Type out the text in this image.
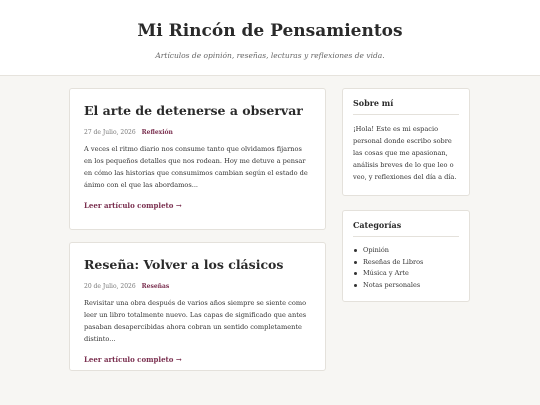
Mi Rincón de Pensamientos
Artículos de opinión, reseñas, lecturas y reflexiones de vida.
El arte de detenerse a observar
27 de Julio, 2026 Reflexión
A veces el ritmo diario nos consume tanto que olvidamos fijarnos en los pequeños detalles que nos rodean. Hoy me detuve a pensar en cómo las historias que consumimos cambian según el estado de ánimo con el que las abordamos...
Leer artículo completo →
Reseña: Volver a los clásicos
20 de Julio, 2026 Reseñas
Revisitar una obra después de varios años siempre se siente como leer un libro totalmente nuevo. Las capas de significado que antes pasaban desapercibidas ahora cobran un sentido completamente distinto...
Leer artículo completo →
Sobre mí
¡Hola! Este es mi espacio personal donde escribo sobre las cosas que me apasionan, análisis breves de lo que leo o veo, y reflexiones del día a día.
Categorías
Opinión
Reseñas de Libros
Música y Arte
Notas personales
